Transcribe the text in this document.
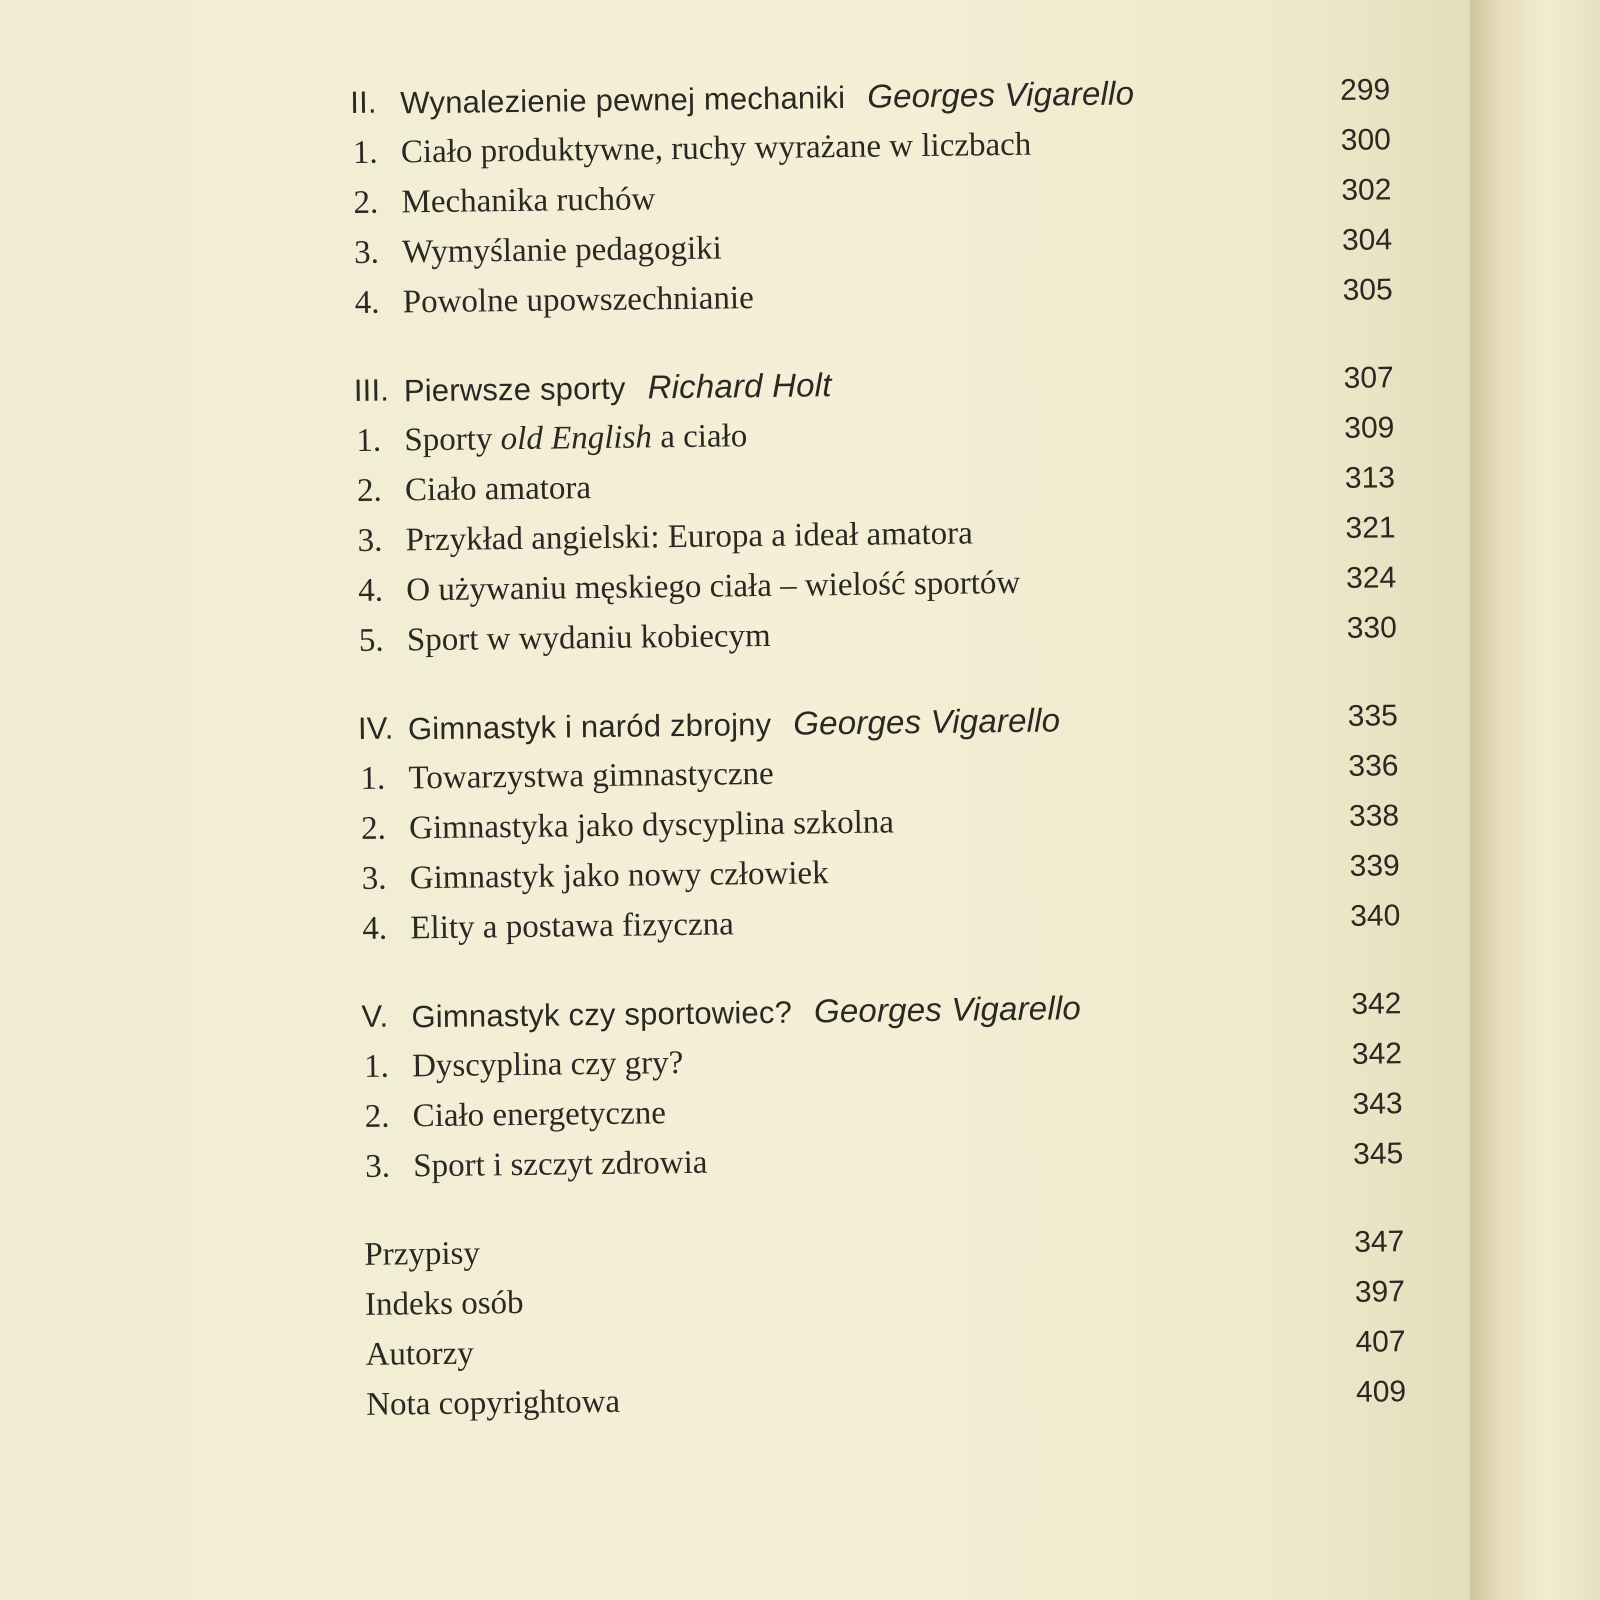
II. Wynalezienie pewnej mechaniki Georges Vigarello	299
1. Ciało produktywne, ruchy wyrażane w liczbach	300
2. Mechanika ruchów	302
3. Wymyślanie pedagogiki	304
4. Powolne upowszechnianie	305
III. Pierwsze sporty Richard Holt	307
1. Sporty old English a ciało	309
2. Ciało amatora	313
3. Przykład angielski: Europa a ideał amatora	321
4. O używaniu męskiego ciała – wielość sportów	324
5. Sport w wydaniu kobiecym	330
IV. Gimnastyk i naród zbrojny Georges Vigarello	335
1. Towarzystwa gimnastyczne	336
2. Gimnastyka jako dyscyplina szkolna	338
3. Gimnastyk jako nowy człowiek	339
4. Elity a postawa fizyczna	340
V. Gimnastyk czy sportowiec? Georges Vigarello	342
1. Dyscyplina czy gry?	342
2. Ciało energetyczne	343
3. Sport i szczyt zdrowia	345
Przypisy	347
Indeks osób	397
Autorzy	407
Nota copyrightowa	409
